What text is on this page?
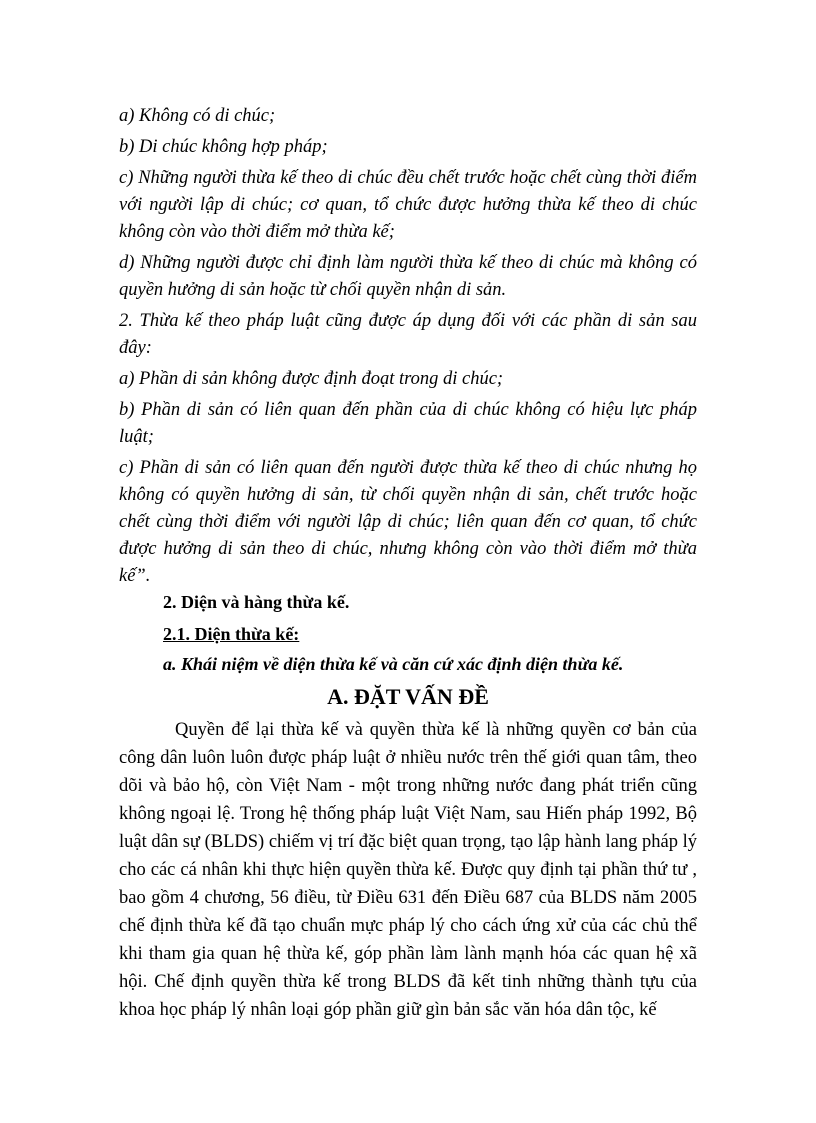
a) Không có di chúc;

b) Di chúc không hợp pháp;

c) Những người thừa kế theo di chúc đều chết trước hoặc chết cùng thời điểm với người lập di chúc; cơ quan, tổ chức được hưởng thừa kế theo di chúc không còn vào thời điểm mở thừa kế;

d) Những người được chỉ định làm người thừa kế theo di chúc mà không có quyền hưởng di sản hoặc từ chối quyền nhận di sản.

2. Thừa kế theo pháp luật cũng được áp dụng đối với các phần di sản sau đây:

a) Phần di sản không được định đoạt trong di chúc;

b) Phần di sản có liên quan đến phần của di chúc không có hiệu lực pháp luật;

c) Phần di sản có liên quan đến người được thừa kế theo di chúc nhưng họ không có quyền hưởng di sản, từ chối quyền nhận di sản, chết trước hoặc chết cùng thời điểm với người lập di chúc; liên quan đến cơ quan, tổ chức được hưởng di sản theo di chúc, nhưng không còn vào thời điểm mở thừa kế”.

2. Diện và hàng thừa kế.
2.1. Diện thừa kế:
a. Khái niệm về diện thừa kế và căn cứ xác định diện thừa kế.
A. ĐẶT VẤN ĐỀ

Quyền để lại thừa kế và quyền thừa kế là những quyền cơ bản của công dân luôn luôn được pháp luật ở nhiều nước trên thế giới quan tâm, theo dõi và bảo hộ, còn Việt Nam - một trong những nước đang phát triển cũng không ngoại lệ. Trong hệ thống pháp luật Việt Nam, sau Hiến pháp 1992, Bộ luật dân sự (BLDS) chiếm vị trí đặc biệt quan trọng, tạo lập hành lang pháp lý cho các cá nhân khi thực hiện quyền thừa kế. Được quy định tại phần thứ tư , bao gồm 4 chương, 56 điều, từ Điều 631 đến Điều 687 của BLDS năm 2005 chế định thừa kế đã tạo chuẩn mực pháp lý cho cách ứng xử của các chủ thể khi tham gia quan hệ thừa kế, góp phần làm lành mạnh hóa các quan hệ xã hội. Chế định quyền thừa kế trong BLDS đã kết tinh những thành tựu của khoa học pháp lý nhân loại góp phần giữ gìn bản sắc văn hóa dân tộc, kế
